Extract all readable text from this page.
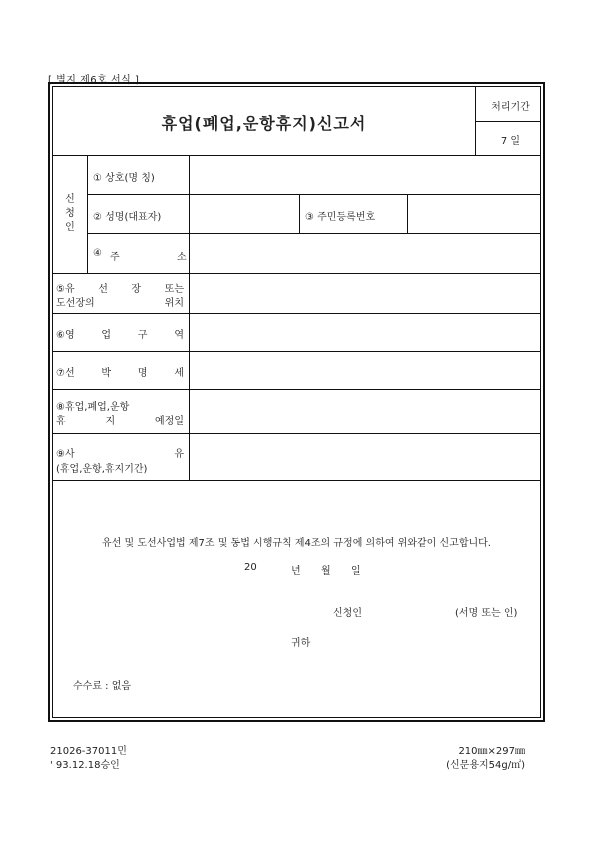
[ 별지 제6호 서식 ]
휴업(폐업,운항휴지)신고서
처리기간
7 일
신
청
인
① 상호(명 칭)
② 성명(대표자)	③ 주민등록번호
④ 주	소
⑤유 선 장 또는
도선장의	위치
⑥영	업	구	역
⑦선	박	명	세
⑧휴업,폐업,운항
휴	지	예정일
⑨사	유
(휴업,운항,휴지기간)
유선 및 도선사업법 제7조 및 동법 시행규칙 제4조의 규정에 의하여 위와같이 신고합니다.
20	년 월 일
신청인	(서명 또는 인)
귀하
수수료 : 없음
21026-37011민
' 93.12.18승인
210㎜×297㎜
(신문용지54g/㎡)
